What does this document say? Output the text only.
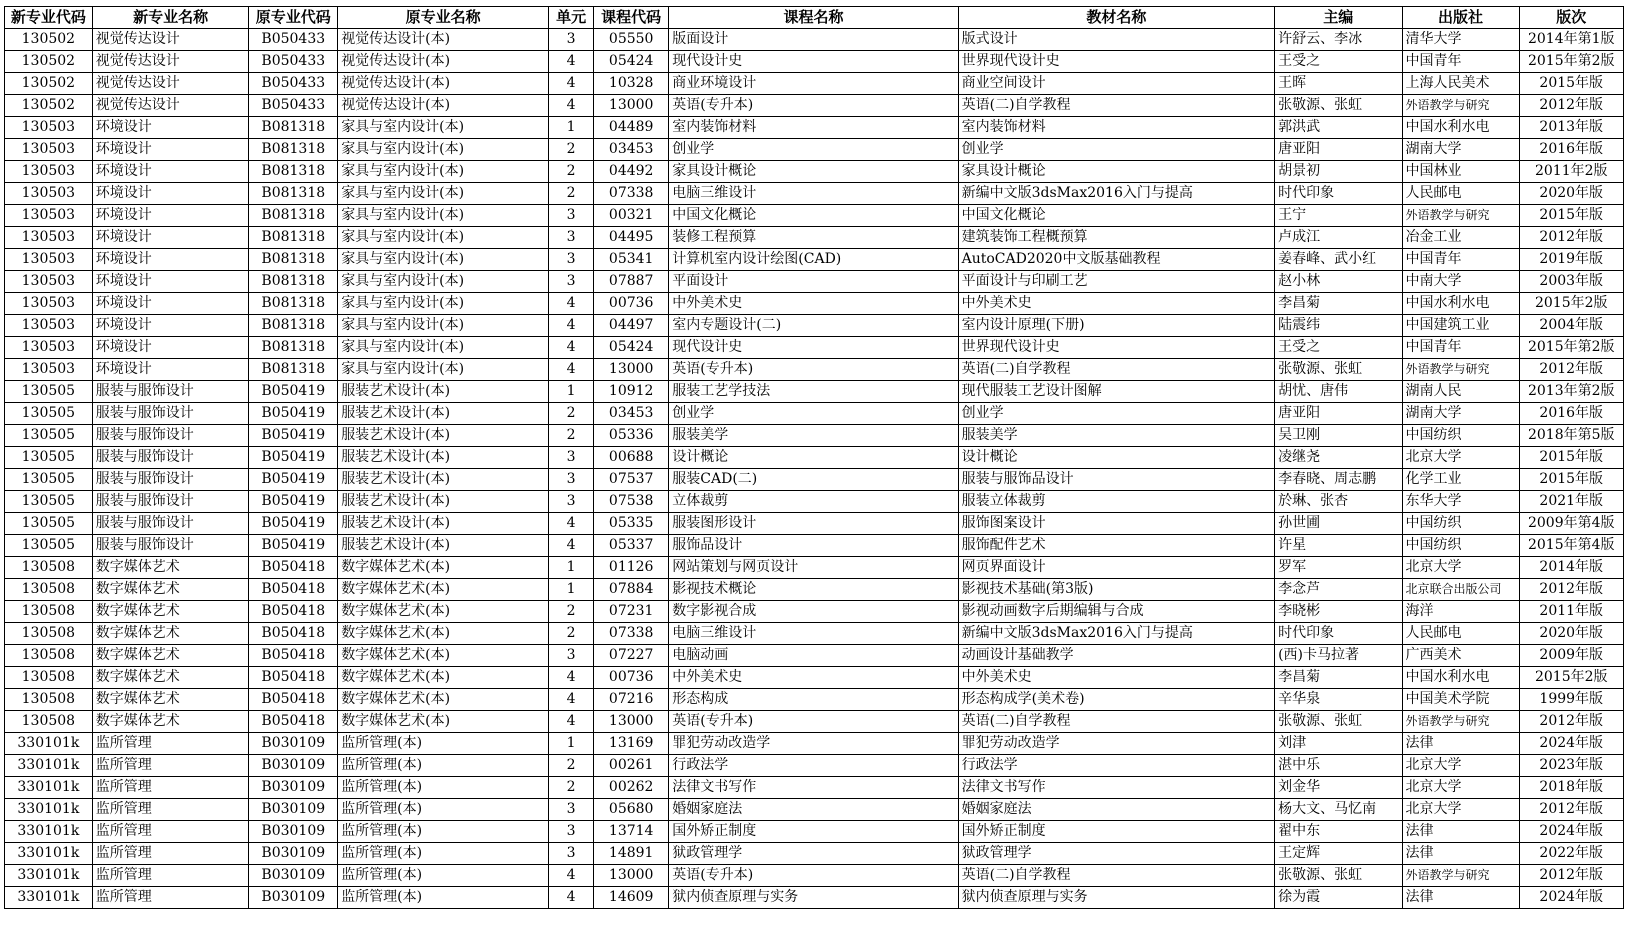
新专业代码	新专业名称	原专业代码	原专业名称	单元	课程代码	课程名称	教材名称	主编	出版社	版次
130502	视觉传达设计	B050433	视觉传达设计(本)	3	05550	版面设计	版式设计	许舒云、李冰	清华大学	2014年第1版
130502	视觉传达设计	B050433	视觉传达设计(本)	4	05424	现代设计史	世界现代设计史	王受之	中国青年	2015年第2版
130502	视觉传达设计	B050433	视觉传达设计(本)	4	10328	商业环境设计	商业空间设计	王晖	上海人民美术	2015年版
130502	视觉传达设计	B050433	视觉传达设计(本)	4	13000	英语(专升本)	英语(二)自学教程	张敬源、张虹	外语教学与研究	2012年版
130503	环境设计	B081318	家具与室内设计(本)	1	04489	室内装饰材料	室内装饰材料	郭洪武	中国水利水电	2013年版
130503	环境设计	B081318	家具与室内设计(本)	2	03453	创业学	创业学	唐亚阳	湖南大学	2016年版
130503	环境设计	B081318	家具与室内设计(本)	2	04492	家具设计概论	家具设计概论	胡景初	中国林业	2011年2版
130503	环境设计	B081318	家具与室内设计(本)	2	07338	电脑三维设计	新编中文版3dsMax2016入门与提高	时代印象	人民邮电	2020年版
130503	环境设计	B081318	家具与室内设计(本)	3	00321	中国文化概论	中国文化概论	王宁	外语教学与研究	2015年版
130503	环境设计	B081318	家具与室内设计(本)	3	04495	装修工程预算	建筑装饰工程概预算	卢成江	冶金工业	2012年版
130503	环境设计	B081318	家具与室内设计(本)	3	05341	计算机室内设计绘图(CAD)	AutoCAD2020中文版基础教程	姜春峰、武小红	中国青年	2019年版
130503	环境设计	B081318	家具与室内设计(本)	3	07887	平面设计	平面设计与印刷工艺	赵小林	中南大学	2003年版
130503	环境设计	B081318	家具与室内设计(本)	4	00736	中外美术史	中外美术史	李昌菊	中国水利水电	2015年2版
130503	环境设计	B081318	家具与室内设计(本)	4	04497	室内专题设计(二)	室内设计原理(下册)	陆震纬	中国建筑工业	2004年版
130503	环境设计	B081318	家具与室内设计(本)	4	05424	现代设计史	世界现代设计史	王受之	中国青年	2015年第2版
130503	环境设计	B081318	家具与室内设计(本)	4	13000	英语(专升本)	英语(二)自学教程	张敬源、张虹	外语教学与研究	2012年版
130505	服装与服饰设计	B050419	服装艺术设计(本)	1	10912	服装工艺学技法	现代服装工艺设计图解	胡忧、唐伟	湖南人民	2013年第2版
130505	服装与服饰设计	B050419	服装艺术设计(本)	2	03453	创业学	创业学	唐亚阳	湖南大学	2016年版
130505	服装与服饰设计	B050419	服装艺术设计(本)	2	05336	服装美学	服装美学	吴卫刚	中国纺织	2018年第5版
130505	服装与服饰设计	B050419	服装艺术设计(本)	3	00688	设计概论	设计概论	凌继尧	北京大学	2015年版
130505	服装与服饰设计	B050419	服装艺术设计(本)	3	07537	服装CAD(二)	服装与服饰品设计	李春晓、周志鹏	化学工业	2015年版
130505	服装与服饰设计	B050419	服装艺术设计(本)	3	07538	立体裁剪	服装立体裁剪	於琳、张杏	东华大学	2021年版
130505	服装与服饰设计	B050419	服装艺术设计(本)	4	05335	服装图形设计	服饰图案设计	孙世圃	中国纺织	2009年第4版
130505	服装与服饰设计	B050419	服装艺术设计(本)	4	05337	服饰品设计	服饰配件艺术	许星	中国纺织	2015年第4版
130508	数字媒体艺术	B050418	数字媒体艺术(本)	1	01126	网站策划与网页设计	网页界面设计	罗军	北京大学	2014年版
130508	数字媒体艺术	B050418	数字媒体艺术(本)	1	07884	影视技术概论	影视技术基础(第3版)	李念芦	北京联合出版公司	2012年版
130508	数字媒体艺术	B050418	数字媒体艺术(本)	2	07231	数字影视合成	影视动画数字后期编辑与合成	李晓彬	海洋	2011年版
130508	数字媒体艺术	B050418	数字媒体艺术(本)	2	07338	电脑三维设计	新编中文版3dsMax2016入门与提高	时代印象	人民邮电	2020年版
130508	数字媒体艺术	B050418	数字媒体艺术(本)	3	07227	电脑动画	动画设计基础教学	(西)卡马拉著	广西美术	2009年版
130508	数字媒体艺术	B050418	数字媒体艺术(本)	4	00736	中外美术史	中外美术史	李昌菊	中国水利水电	2015年2版
130508	数字媒体艺术	B050418	数字媒体艺术(本)	4	07216	形态构成	形态构成学(美术卷)	辛华泉	中国美术学院	1999年版
130508	数字媒体艺术	B050418	数字媒体艺术(本)	4	13000	英语(专升本)	英语(二)自学教程	张敬源、张虹	外语教学与研究	2012年版
330101k	监所管理	B030109	监所管理(本)	1	13169	罪犯劳动改造学	罪犯劳动改造学	刘津	法律	2024年版
330101k	监所管理	B030109	监所管理(本)	2	00261	行政法学	行政法学	湛中乐	北京大学	2023年版
330101k	监所管理	B030109	监所管理(本)	2	00262	法律文书写作	法律文书写作	刘金华	北京大学	2018年版
330101k	监所管理	B030109	监所管理(本)	3	05680	婚姻家庭法	婚姻家庭法	杨大文、马忆南	北京大学	2012年版
330101k	监所管理	B030109	监所管理(本)	3	13714	国外矫正制度	国外矫正制度	翟中东	法律	2024年版
330101k	监所管理	B030109	监所管理(本)	3	14891	狱政管理学	狱政管理学	王定辉	法律	2022年版
330101k	监所管理	B030109	监所管理(本)	4	13000	英语(专升本)	英语(二)自学教程	张敬源、张虹	外语教学与研究	2012年版
330101k	监所管理	B030109	监所管理(本)	4	14609	狱内侦查原理与实务	狱内侦查原理与实务	徐为霞	法律	2024年版
